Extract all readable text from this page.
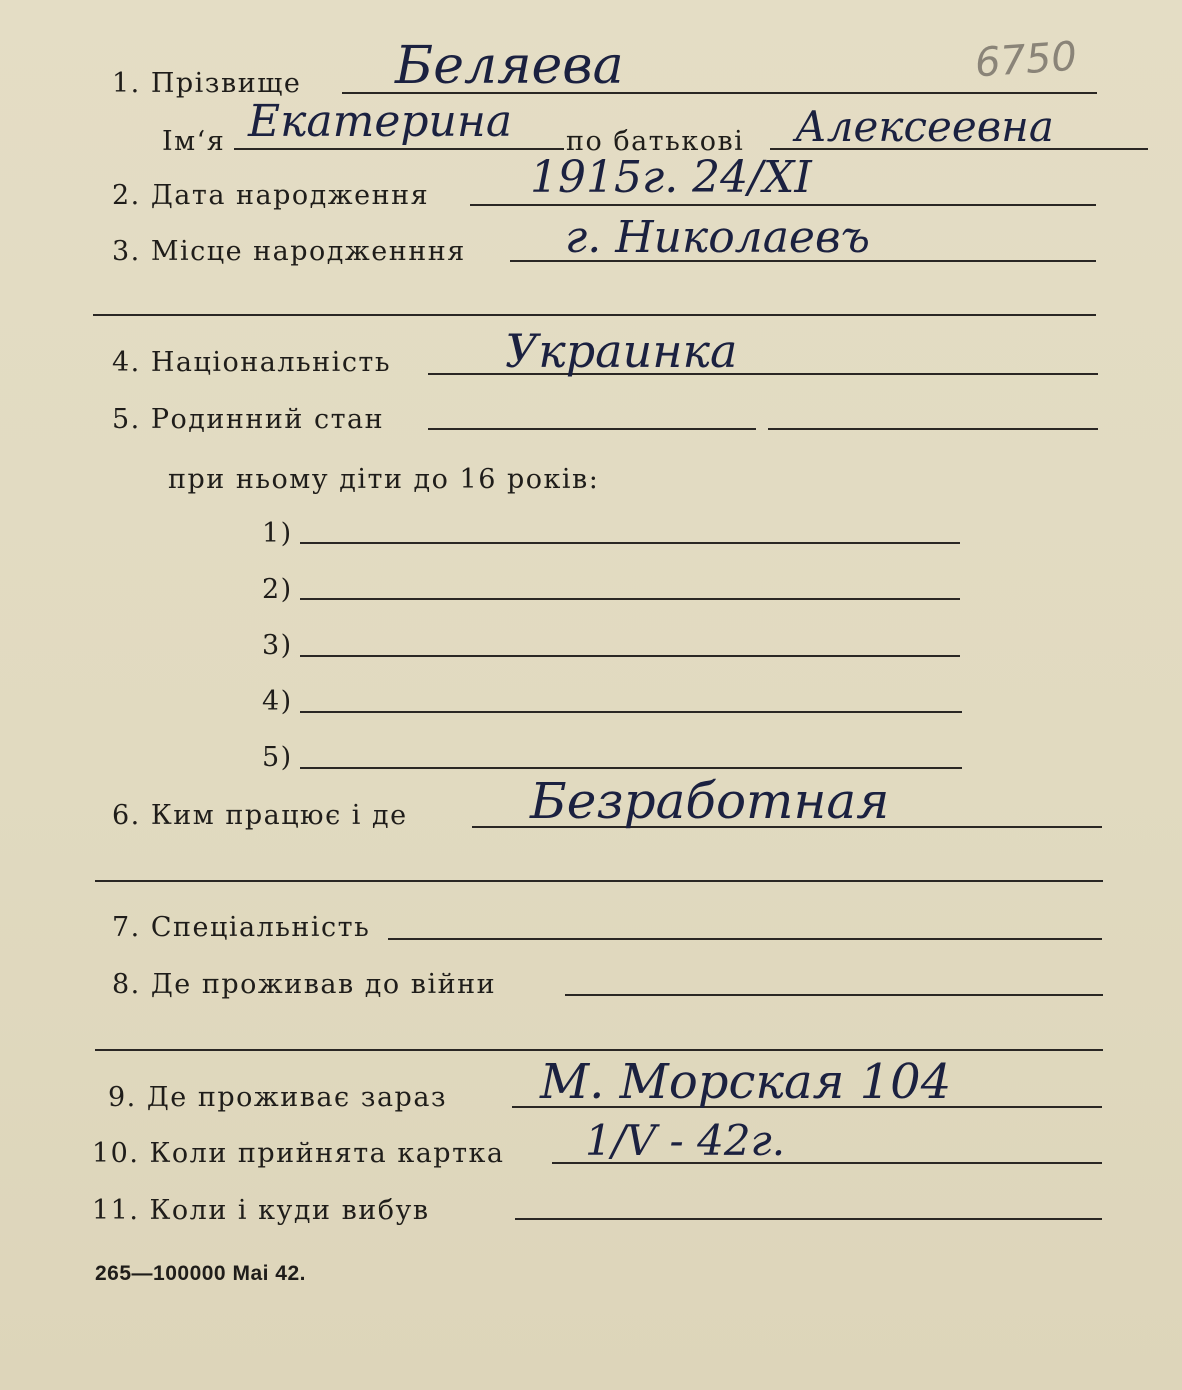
6750
1. Прізвище Беляева
Ім‘я Екатерина по батькові Алексеевна
2. Дата народження 1915г. 24/XI
3. Місце народженння г. Николаевъ
4. Національність Украинка
5. Родинний стан
при ньому діти до 16 років:
1)
2)
3)
4)
5)
6. Ким працює і де Безработная
7. Спеціальність
8. Де проживав до війни
9. Де проживає зараз М. Морская 104
10. Коли прийнята картка 1/V - 42г.
11. Коли і куди вибув
265—100000 Mai 42.
